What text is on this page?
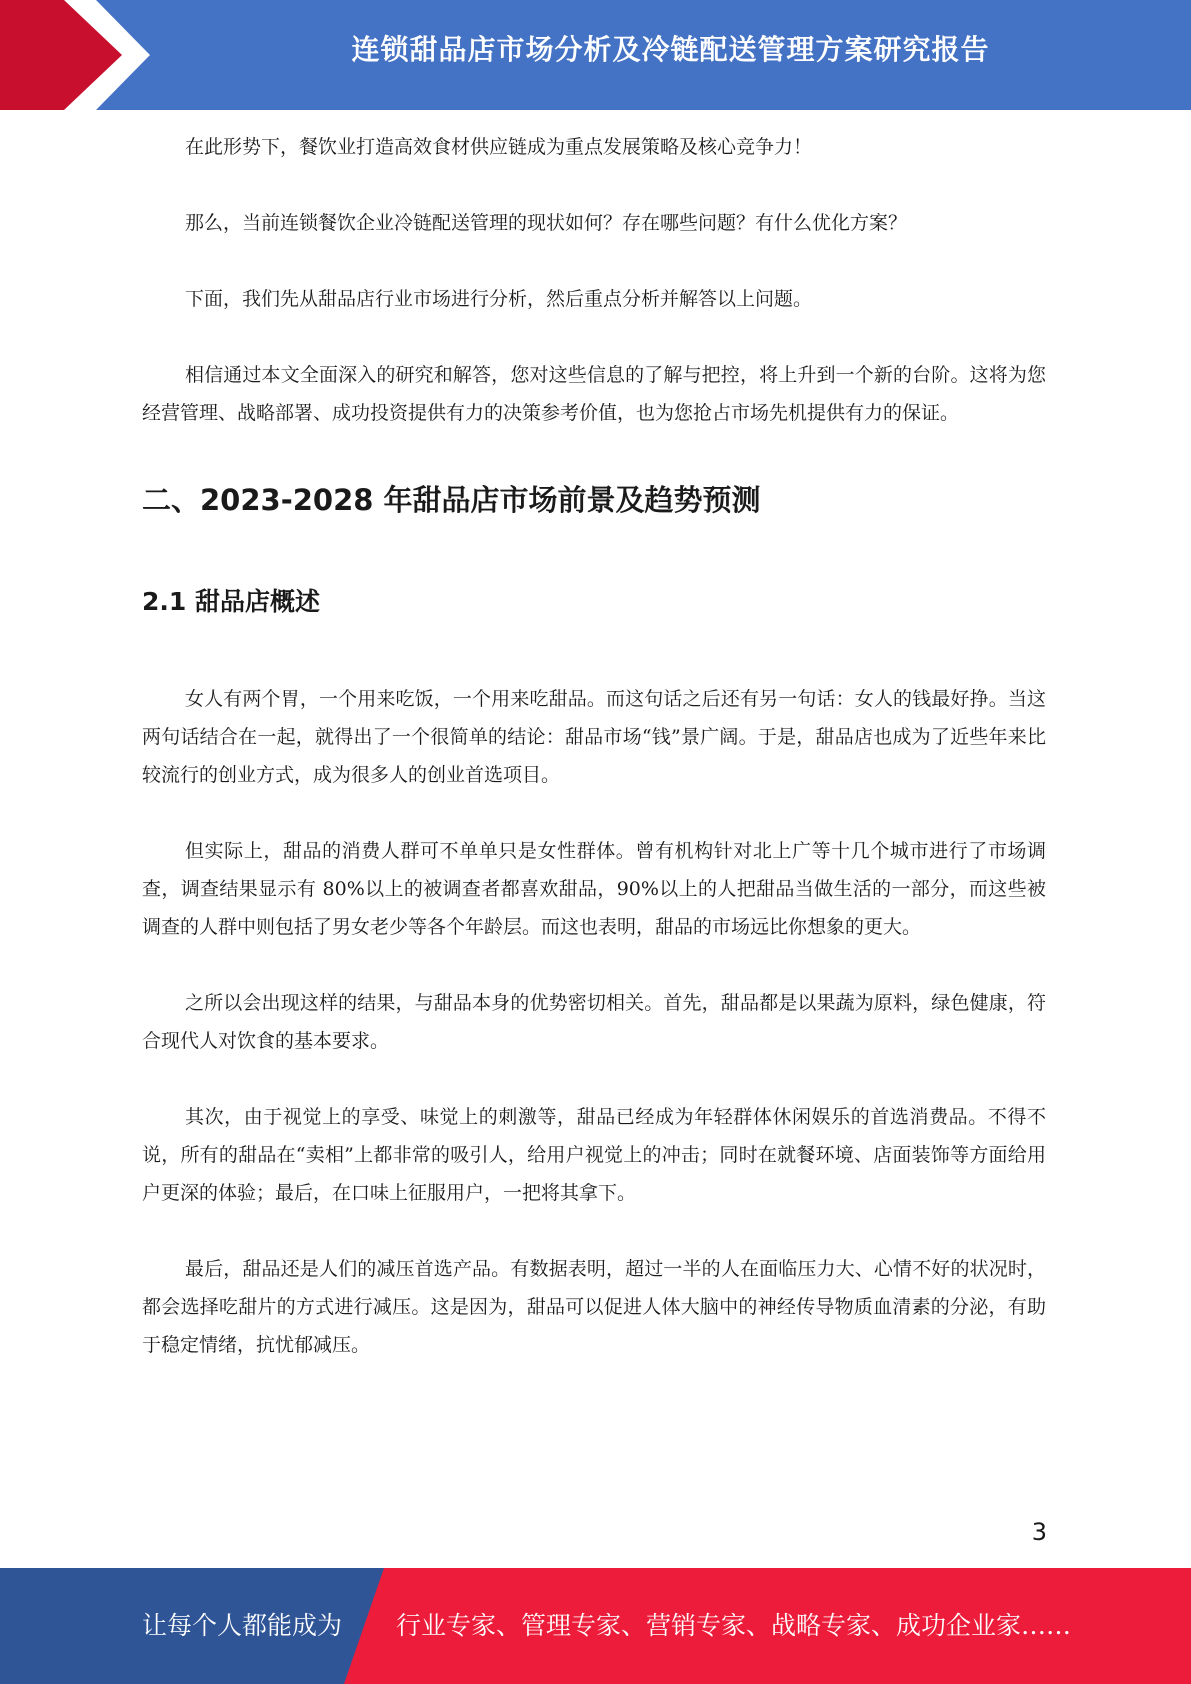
连锁甜品店市场分析及冷链配送管理方案研究报告

在此形势下，餐饮业打造高效食材供应链成为重点发展策略及核心竞争力！

那么，当前连锁餐饮企业冷链配送管理的现状如何？存在哪些问题？有什么优化方案？

下面，我们先从甜品店行业市场进行分析，然后重点分析并解答以上问题。

相信通过本文全面深入的研究和解答，您对这些信息的了解与把控，将上升到一个新的台阶。这将为您经营管理、战略部署、成功投资提供有力的决策参考价值，也为您抢占市场先机提供有力的保证。

二、2023-2028 年甜品店市场前景及趋势预测
2.1 甜品店概述

女人有两个胃，一个用来吃饭，一个用来吃甜品。而这句话之后还有另一句话：女人的钱最好挣。当这两句话结合在一起，就得出了一个很简单的结论：甜品市场“钱”景广阔。于是，甜品店也成为了近些年来比较流行的创业方式，成为很多人的创业首选项目。

但实际上，甜品的消费人群可不单单只是女性群体。曾有机构针对北上广等十几个城市进行了市场调查，调查结果显示有 80%以上的被调查者都喜欢甜品，90%以上的人把甜品当做生活的一部分，而这些被调查的人群中则包括了男女老少等各个年龄层。而这也表明，甜品的市场远比你想象的更大。

之所以会出现这样的结果，与甜品本身的优势密切相关。首先，甜品都是以果蔬为原料，绿色健康，符合现代人对饮食的基本要求。

其次，由于视觉上的享受、味觉上的刺激等，甜品已经成为年轻群体休闲娱乐的首选消费品。不得不说，所有的甜品在“卖相”上都非常的吸引人，给用户视觉上的冲击；同时在就餐环境、店面装饰等方面给用户更深的体验；最后，在口味上征服用户，一把将其拿下。

最后，甜品还是人们的减压首选产品。有数据表明，超过一半的人在面临压力大、心情不好的状况时，都会选择吃甜片的方式进行减压。这是因为，甜品可以促进人体大脑中的神经传导物质血清素的分泌，有助于稳定情绪，抗忧郁减压。

3
让每个人都能成为 行业专家、管理专家、营销专家、战略专家、成功企业家……
